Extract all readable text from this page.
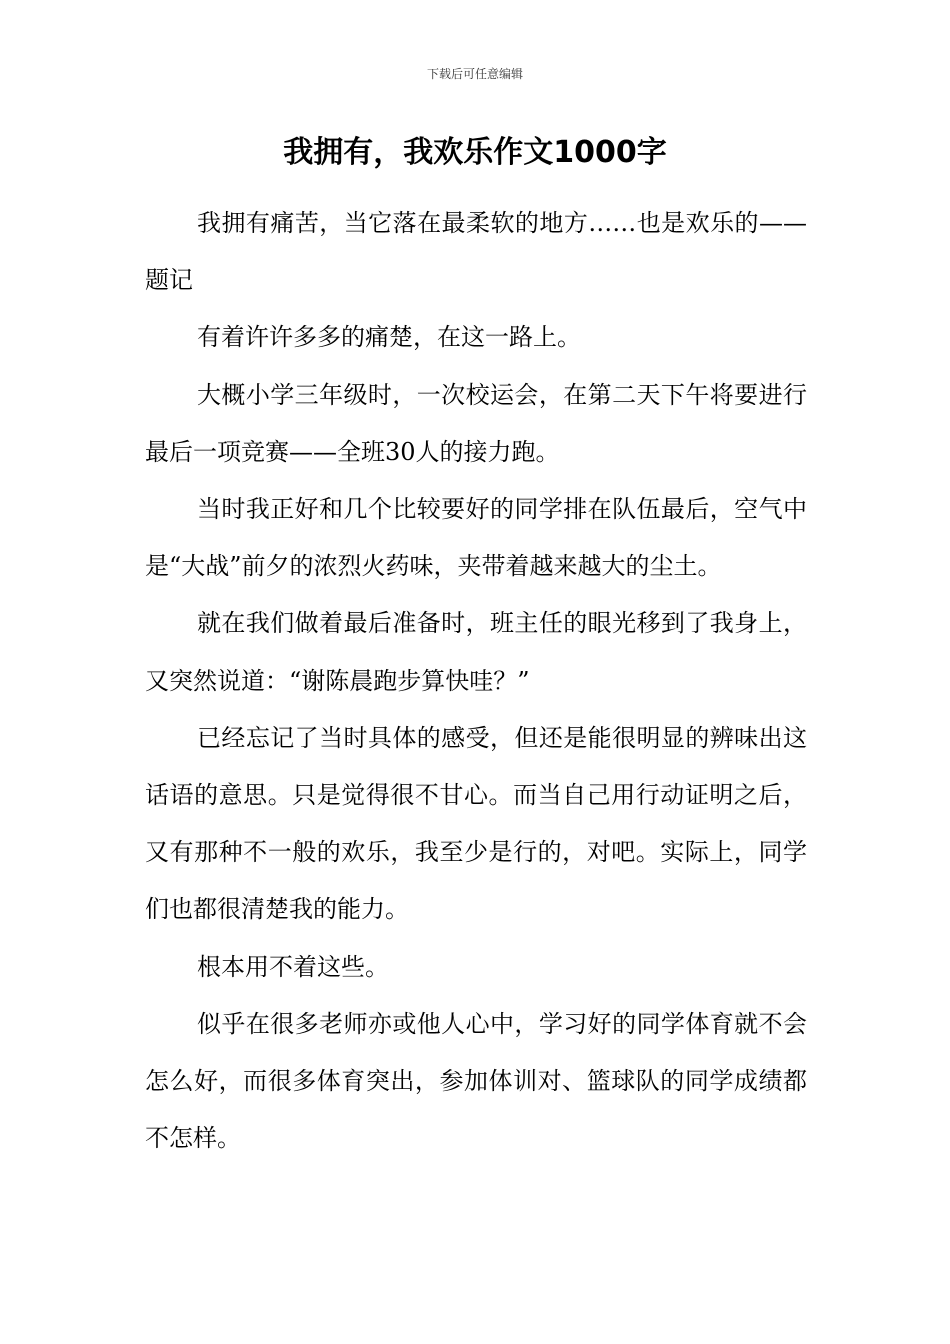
下载后可任意编辑
我拥有，我欢乐作文1000字

我拥有痛苦，当它落在最柔软的地方……也是欢乐的——题记

有着许许多多的痛楚，在这一路上。

大概小学三年级时，一次校运会，在第二天下午将要进行最后一项竞赛——全班30人的接力跑。

当时我正好和几个比较要好的同学排在队伍最后，空气中是“大战”前夕的浓烈火药味，夹带着越来越大的尘土。

就在我们做着最后准备时，班主任的眼光移到了我身上，又突然说道：“谢陈晨跑步算快哇？”

已经忘记了当时具体的感受，但还是能很明显的辨味出这话语的意思。只是觉得很不甘心。而当自己用行动证明之后，又有那种不一般的欢乐，我至少是行的，对吧。实际上，同学们也都很清楚我的能力。

根本用不着这些。

似乎在很多老师亦或他人心中，学习好的同学体育就不会怎么好，而很多体育突出，参加体训对、篮球队的同学成绩都不怎样。
